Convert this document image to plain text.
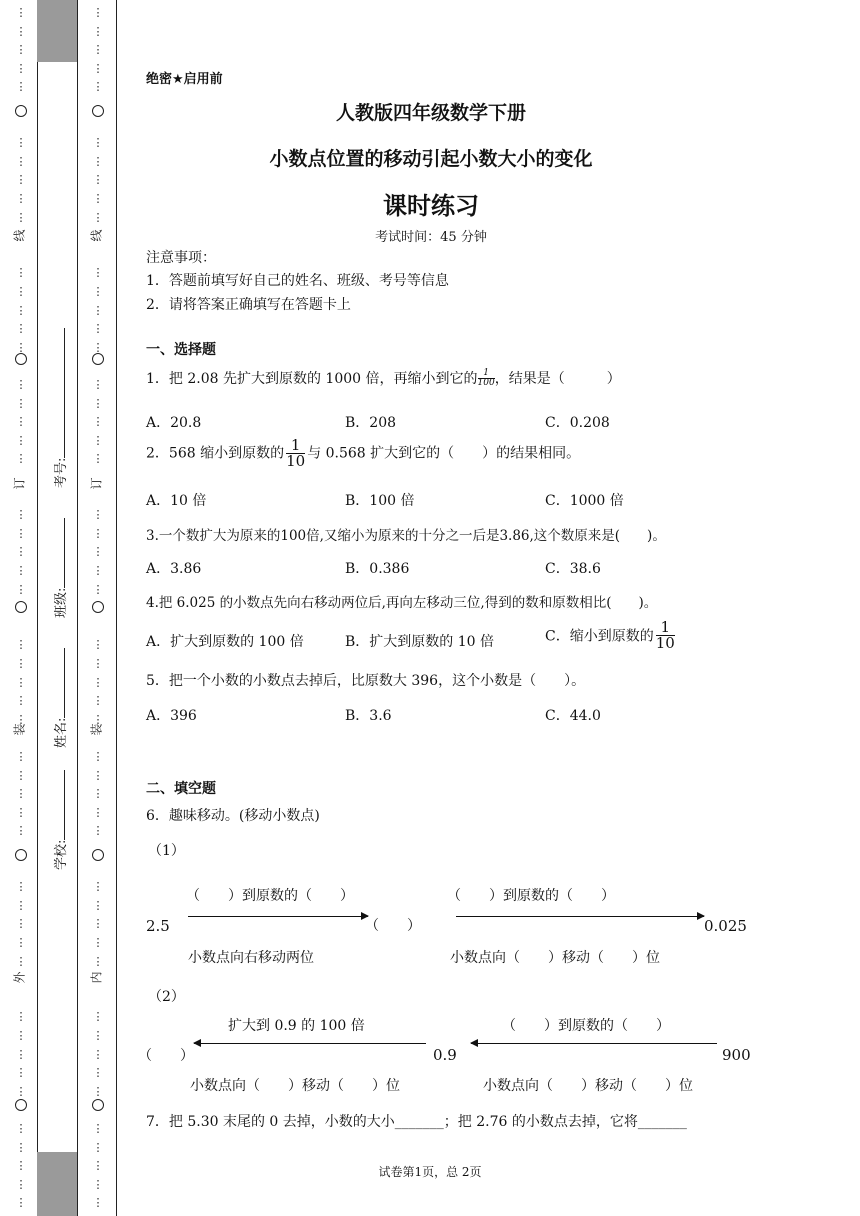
⋮
⋮
⋮
⋮
⋮
⋮
⋮
⋮
⋮
⋮
⋮
⋮
⋮
⋮
⋮
⋮
⋮
⋮
⋮
⋮
⋮
⋮
⋮
⋮
⋮
⋮
⋮
⋮
⋮
⋮
⋮
⋮
⋮
⋮
⋮
⋮
⋮
⋮
⋮
⋮
⋮
⋮
⋮
⋮
⋮
⋮
⋮
⋮
⋮
⋮
线
订
装
外
⋮
⋮
⋮
⋮
⋮
⋮
⋮
⋮
⋮
⋮
⋮
⋮
⋮
⋮
⋮
⋮
⋮
⋮
⋮
⋮
⋮
⋮
⋮
⋮
⋮
⋮
⋮
⋮
⋮
⋮
⋮
⋮
⋮
⋮
⋮
⋮
⋮
⋮
⋮
⋮
⋮
⋮
⋮
⋮
⋮
⋮
⋮
⋮
⋮
⋮
线
订
装
内
学校:
姓名:
班级:
考号:
绝密★启用前
人教版四年级数学下册
小数点位置的移动引起小数大小的变化
课时练习
考试时间：45 分钟
注意事项：
1．答题前填写好自己的姓名、班级、考号等信息
2．请将答案正确填写在答题卡上
一、选择题
1．把 2.08 先扩大到原数的 1000 倍，再缩小到它的 $\frac{1}{100}$ ，结果是（　　　）
A．20.8	B．208	C．0.208
2．568 缩小到原数的 $\frac{1}{10}$ 与 0.568 扩大到它的（　　）的结果相同。
A．10 倍	B．100 倍	C．1000 倍
3.一个数扩大为原来的100倍,又缩小为原来的十分之一后是3.86,这个数原来是(　　)。
A．3.86	B．0.386	C．38.6
4.把 6.025 的小数点先向右移动两位后,再向左移动三位,得到的数和原数相比(　　)。
A．扩大到原数的 100 倍	B．扩大到原数的 10 倍	C．缩小到原数的 $\frac{1}{10}$
5．把一个小数的小数点去掉后，比原数大 396，这个小数是（　　）。
A．396	B．3.6	C．44.0
二、填空题
6．趣味移动。(移动小数点)
（1）
2.5
（　　）到原数的（　　）
（　　）
（　　）到原数的（　　）
0.025
小数点向右移动两位	小数点向（　　）移动（　　）位
（2）
（　　）
扩大到 0.9 的 100 倍
0.9
（　　）到原数的（　　）
900
小数点向（　　）移动（　　）位	小数点向（　　）移动（　　）位
7．把 5.30 末尾的 0 去掉，小数的大小_______；把 2.76 的小数点去掉，它将_______
试卷第1页，总 2页
